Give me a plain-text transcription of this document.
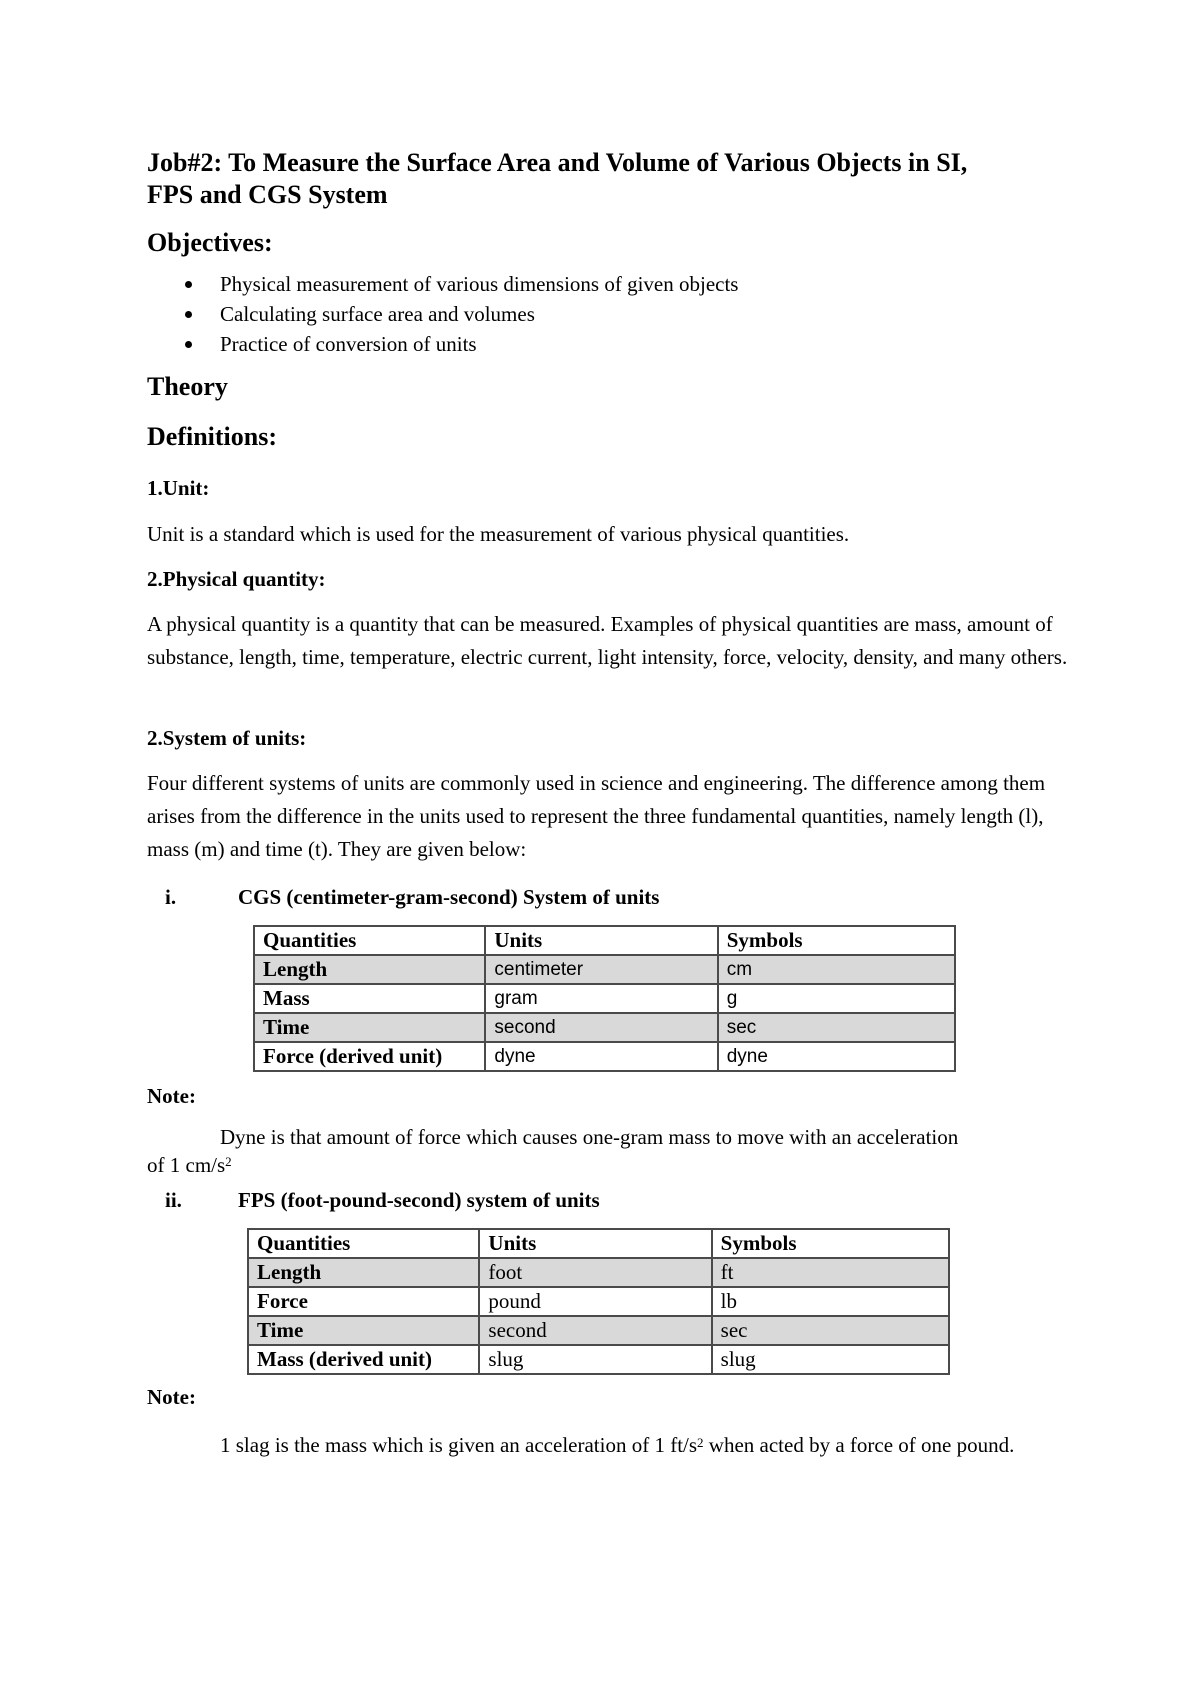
Job#2: To Measure the Surface Area and Volume of Various Objects in SI,
FPS and CGS System
Objectives:
Physical measurement of various dimensions of given objects
Calculating surface area and volumes
Practice of conversion of units
Theory
Definitions:
1.Unit:
Unit is a standard which is used for the measurement of various physical quantities.
2.Physical quantity:
A physical quantity is a quantity that can be measured. Examples of physical quantities are mass, amount of substance, length, time, temperature, electric current, light intensity, force, velocity, density, and many others.
2.System of units:
Four different systems of units are commonly used in science and engineering. The difference among them arises from the difference in the units used to represent the three fundamental quantities, namely length (l), mass (m) and time (t). They are given below:
i.	CGS (centimeter-gram-second) System of units
Quantities	Units	Symbols
Length	centimeter	cm
Mass	gram	g
Time	second	sec
Force (derived unit)	dyne	dyne
Note:
Dyne is that amount of force which causes one-gram mass to move with an acceleration of 1 $cm/s^2$
ii.	FPS (foot-pound-second) system of units
Quantities	Units	Symbols
Length	foot	ft
Force	pound	lb
Time	second	sec
Mass (derived unit)	slug	slug
Note:
1 slag is the mass which is given an acceleration of 1 $ft/s^2$ when acted by a force of one pound.
